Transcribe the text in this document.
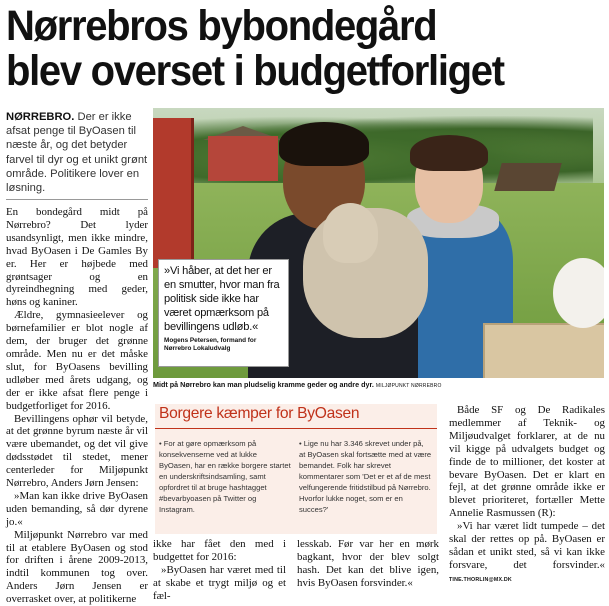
Nørrebros bybondegård
blev overset i budgetforliget
NØRREBRO. Der er ikke afsat penge til ByOasen til næste år, og det betyder farvel til dyr og et unikt grønt område. Politikere lover en løsning.

En bondegård midt på Nørrebro? Det lyder usandsynligt, men ikke mindre, hvad ByOasen i De Gamles By er. Her er højbede med grøntsager og en dyreindhegning med geder, høns og kaniner.

Ældre, gymnasieelever og børnefamilier er blot nogle af dem, der bruger det grønne område. Men nu er det måske slut, for ByOasens bevilling udløber med årets udgang, og der er ikke afsat flere penge i budgetforliget for 2016.

Bevillingens ophør vil betyde, at det grønne byrum næste år vil være ubemandet, og det vil give dødsstødet til stedet, mener centerleder for Miljøpunkt Nørrebro, Anders Jørn Jensen:

»Man kan ikke drive ByOasen uden bemanding, så dør dyrene jo.«

Miljøpunkt Nørrebro var med til at etablere ByOasen og stod for driften i årene 2009-2013, indtil kommunen tog over. Anders Jørn Jensen er overrasket over, at politikerne

»Vi håber, at det her er en smutter, hvor man fra politisk side ikke har været opmærksom på bevillingens udløb.«
Mogens Petersen, formand for Nørrebro Lokaludvalg
Midt på Nørrebro kan man pludselig kramme geder og andre dyr. MILJØPUNKT NØRREBRO
Borgere kæmper for ByOasen
• For at gøre opmærksom på konsekvenserne ved at lukke ByOasen, har en række borgere startet en underskriftsindsamling, samt opfordret til at bruge hashtagget #bevarbyoasen på Twitter og Instagram.
• Lige nu har 3.346 skrevet under på, at ByOasen skal fortsætte med at være bemandet. Folk har skrevet kommentarer som 'Det er et af de mest velfungerende fritidstilbud på Nørrebro. Hvorfor lukke noget, som er en succes?'

ikke har fået den med i budgettet for 2016:

»ByOasen har været med til at skabe et trygt miljø og et fæl-

lesskab. Før var her en mørk bagkant, hvor der blev solgt hash. Det kan det blive igen, hvis ByOasen forsvinder.«

Både SF og De Radikales medlemmer af Teknik- og Miljøudvalget forklarer, at de nu vil kigge på udvalgets budget og finde de to millioner, det koster at bevare ByOasen. Det er klart en fejl, at det grønne område ikke er blevet prioriteret, fortæller Mette Annelie Rasmussen (R):

»Vi har været lidt tumpede – det skal der rettes op på. ByOasen er sådan et unikt sted, så vi kan ikke forsvare, det forsvinder.« TINE.THORLIN@MX.DK
